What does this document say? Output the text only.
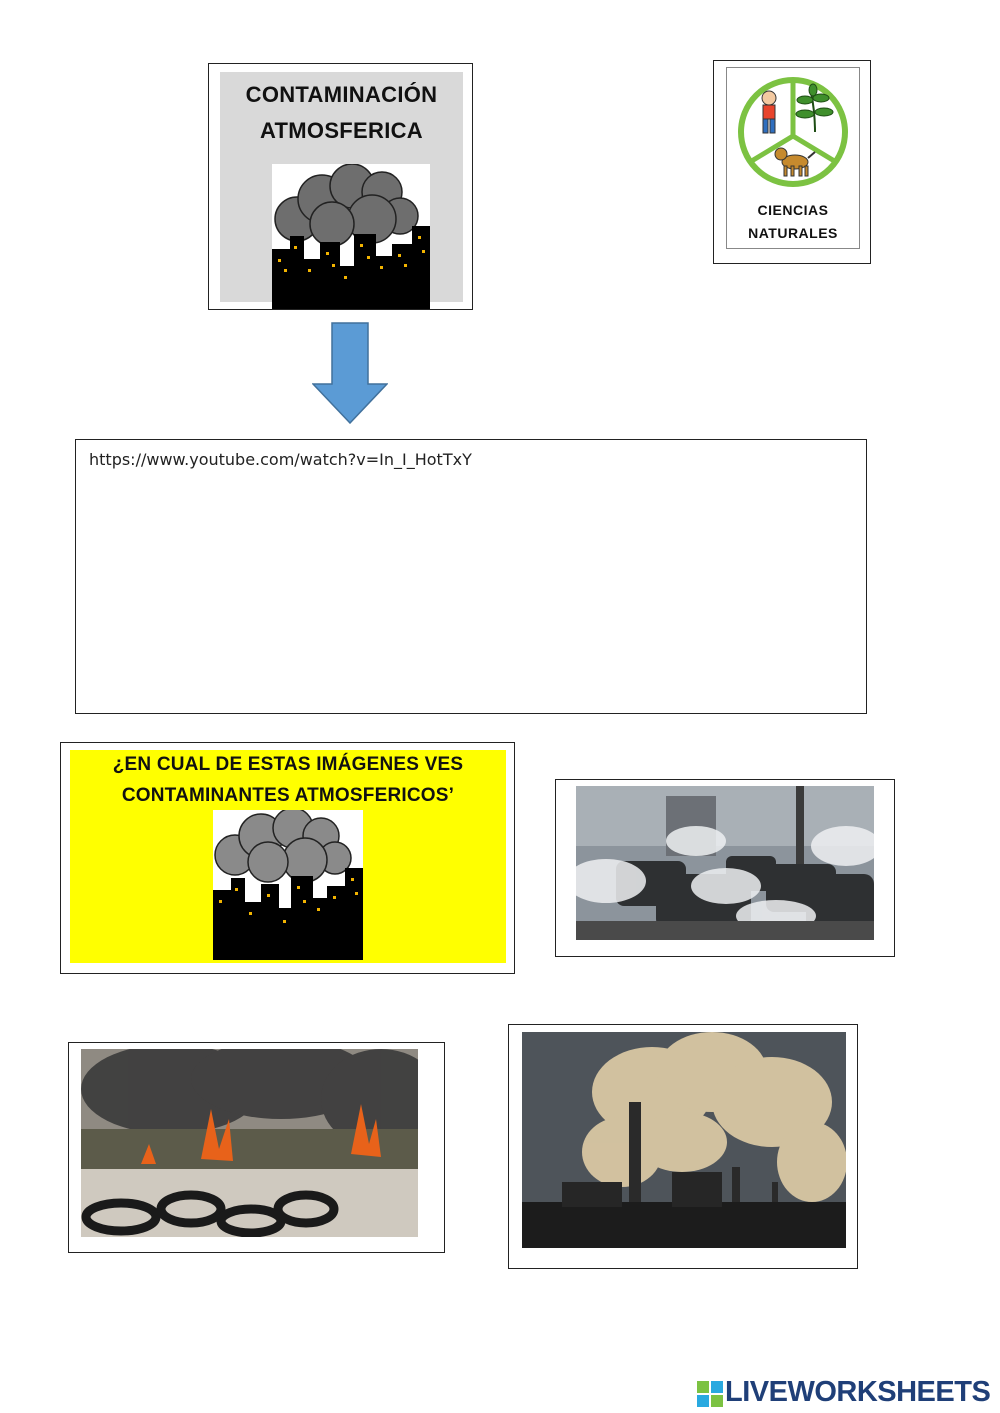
CONTAMINACIÓN
ATMOSFERICA
CIENCIAS
NATURALES
https://www.youtube.com/watch?v=In_I_HotTxY
¿EN CUAL DE ESTAS IMÁGENES VES
CONTAMINANTES ATMOSFERICOS’
LIVEWORKSHEETS
